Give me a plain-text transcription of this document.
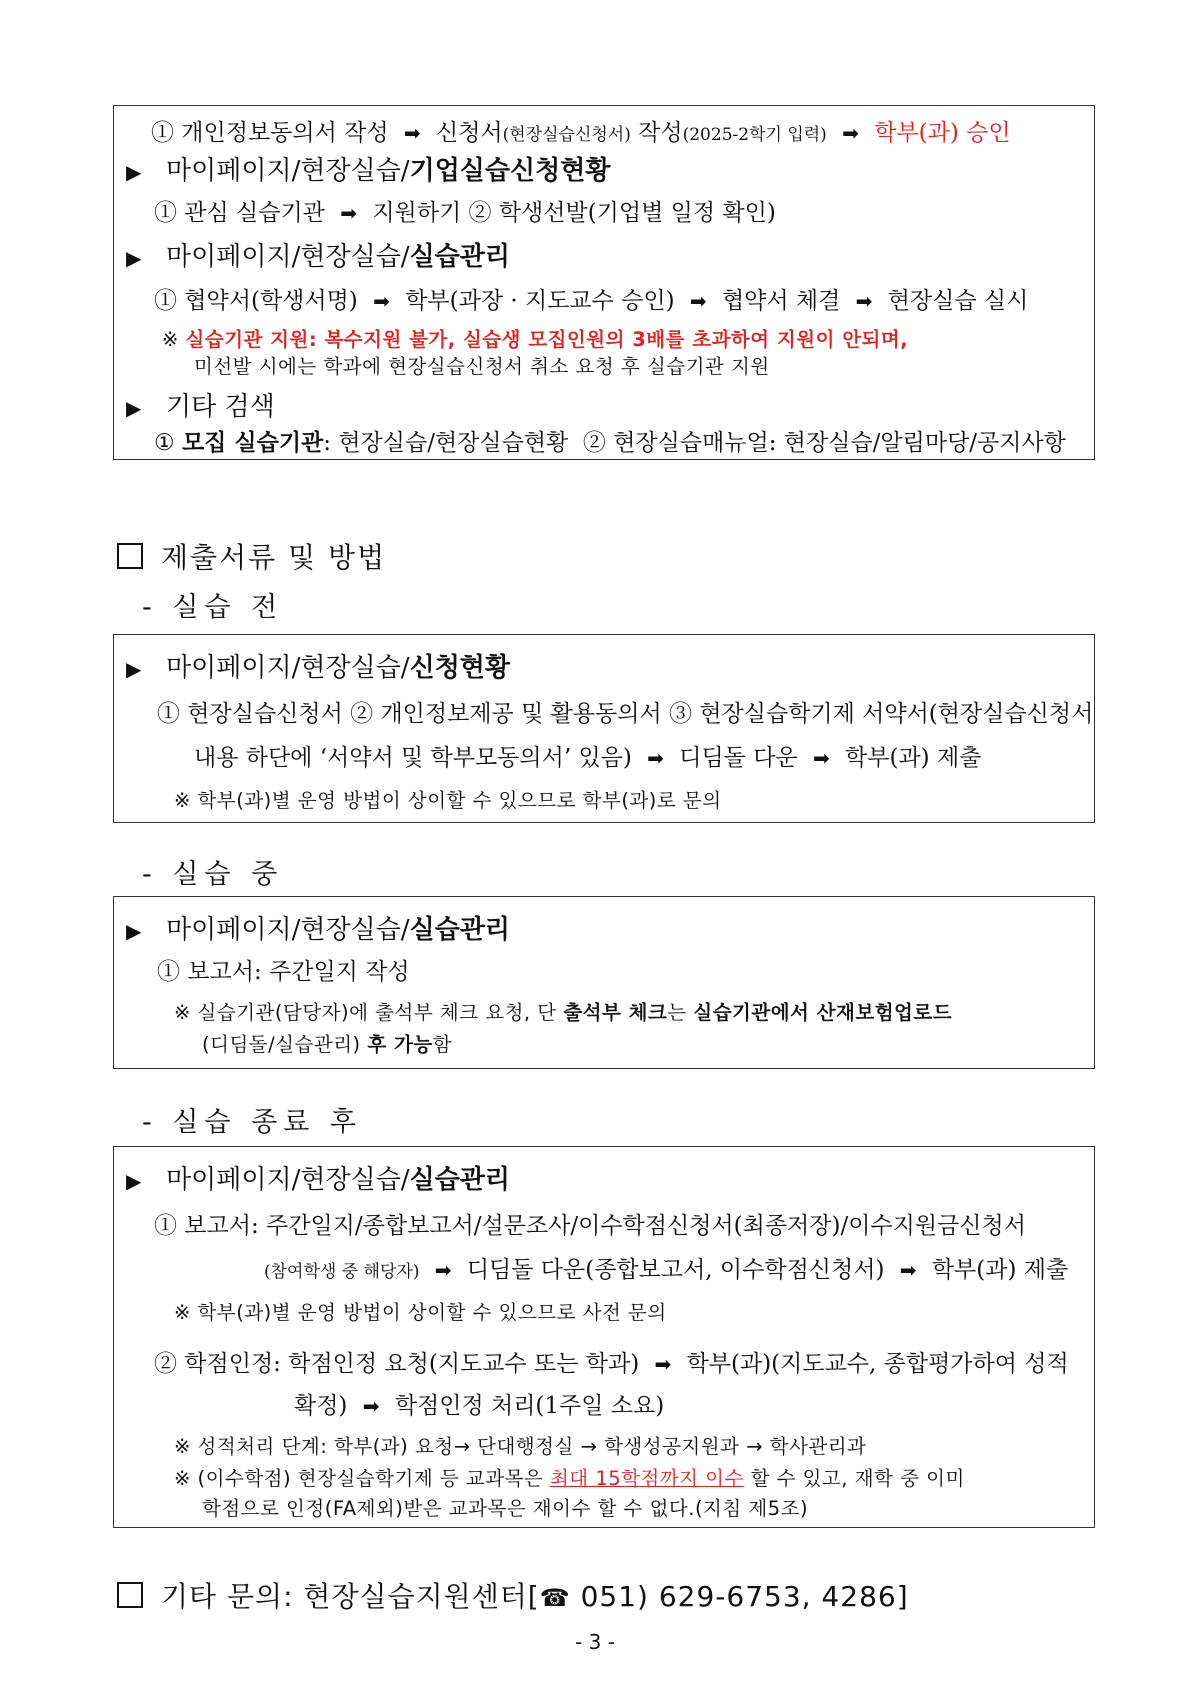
① 개인정보동의서 작성 ➡ 신청서(현장실습신청서) 작성(2025-2학기 입력) ➡ 학부(과) 승인
▶ 마이페이지/현장실습/기업실습신청현황
① 관심 실습기관 ➡ 지원하기 ② 학생선발(기업별 일정 확인)
▶ 마이페이지/현장실습/실습관리
① 협약서(학생서명) ➡ 학부(과장 · 지도교수 승인) ➡ 협약서 체결 ➡ 현장실습 실시
※ 실습기관 지원: 복수지원 불가, 실습생 모집인원의 3배를 초과하여 지원이 안되며,
미선발 시에는 학과에 현장실습신청서 취소 요청 후 실습기관 지원
▶ 기타 검색
① 모집 실습기관: 현장실습/현장실습현황 ② 현장실습매뉴얼: 현장실습/알림마당/공지사항
제출서류 및 방법
- 실습 전
▶ 마이페이지/현장실습/신청현황
① 현장실습신청서 ② 개인정보제공 및 활용동의서 ③ 현장실습학기제 서약서(현장실습신청서
내용 하단에 ‘서약서 및 학부모동의서’ 있음) ➡ 디딤돌 다운 ➡ 학부(과) 제출
※ 학부(과)별 운영 방법이 상이할 수 있으므로 학부(과)로 문의
- 실습 중
▶ 마이페이지/현장실습/실습관리
① 보고서: 주간일지 작성
※ 실습기관(담당자)에 출석부 체크 요청, 단 출석부 체크는 실습기관에서 산재보험업로드
(디딤돌/실습관리) 후 가능함
- 실습 종료 후
▶ 마이페이지/현장실습/실습관리
① 보고서: 주간일지/종합보고서/설문조사/이수학점신청서(최종저장)/이수지원금신청서
(참여학생 중 해당자) ➡ 디딤돌 다운(종합보고서, 이수학점신청서) ➡ 학부(과) 제출
※ 학부(과)별 운영 방법이 상이할 수 있으므로 사전 문의
② 학점인정: 학점인정 요청(지도교수 또는 학과) ➡ 학부(과)(지도교수, 종합평가하여 성적
확정) ➡ 학점인정 처리(1주일 소요)
※ 성적처리 단계: 학부(과) 요청→ 단대행정실 → 학생성공지원과 → 학사관리과
※ (이수학점) 현장실습학기제 등 교과목은 최대 15학점까지 이수 할 수 있고, 재학 중 이미
학점으로 인정(FA제외)받은 교과목은 재이수 할 수 없다.(지침 제5조)
기타 문의: 현장실습지원센터[☎ 051) 629-6753, 4286]
- 3 -
